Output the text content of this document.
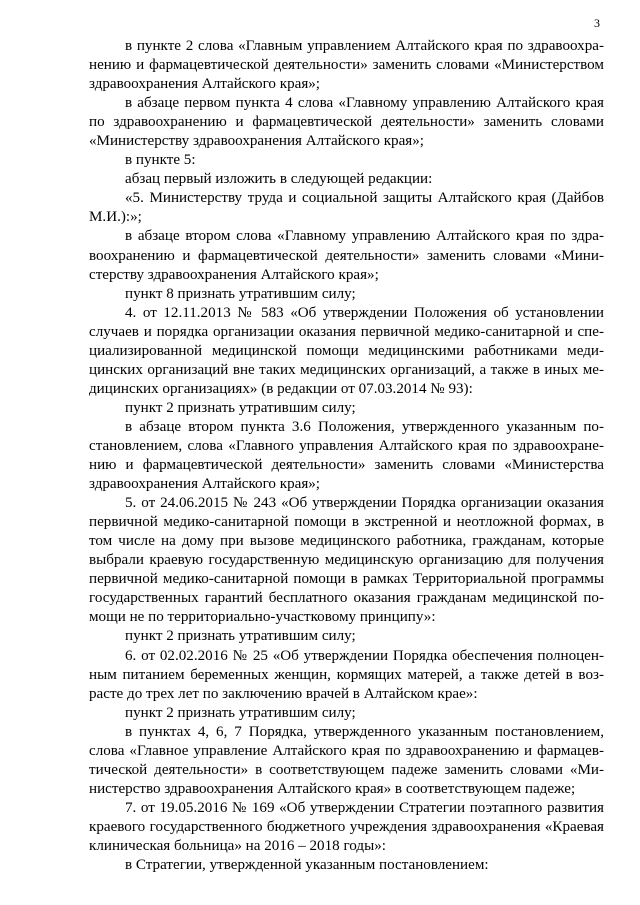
3

в пункте 2 слова «Главным управлением Алтайского края по здравоохранению и фармацевтической деятельности» заменить словами «Министерством здравоохранения Алтайского края»;

в абзаце первом пункта 4 слова «Главному управлению Алтайского края по здравоохранению и фармацевтической деятельности» заменить словами «Министерству здравоохранения Алтайского края»;

в пункте 5:

абзац первый изложить в следующей редакции:

«5. Министерству труда и социальной защиты Алтайского края (Дайбов М.И.):»;

в абзаце втором слова «Главному управлению Алтайского края по здравоохранению и фармацевтической деятельности» заменить словами «Министерству здравоохранения Алтайского края»;

пункт 8 признать утратившим силу;

4. от 12.11.2013 № 583 «Об утверждении Положения об установлении случаев и порядка организации оказания первичной медико-санитарной и специализированной медицинской помощи медицинскими работниками медицинских организаций вне таких медицинских организаций, а также в иных медицинских организациях» (в редакции от 07.03.2014 № 93):

пункт 2 признать утратившим силу;

в абзаце втором пункта 3.6 Положения, утвержденного указанным постановлением, слова «Главного управления Алтайского края по здравоохранению и фармацевтической деятельности» заменить словами «Министерства здравоохранения Алтайского края»;

5. от 24.06.2015 № 243 «Об утверждении Порядка организации оказания первичной медико-санитарной помощи в экстренной и неотложной формах, в том числе на дому при вызове медицинского работника, гражданам, которые выбрали краевую государственную медицинскую организацию для получения первичной медико-санитарной помощи в рамках Территориальной программы государственных гарантий бесплатного оказания гражданам медицинской помощи не по территориально-участковому принципу»:

пункт 2 признать утратившим силу;

6. от 02.02.2016 № 25 «Об утверждении Порядка обеспечения полноценным питанием беременных женщин, кормящих матерей, а также детей в возрасте до трех лет по заключению врачей в Алтайском крае»:

пункт 2 признать утратившим силу;

в пунктах 4, 6, 7 Порядка, утвержденного указанным постановлением, слова «Главное управление Алтайского края по здравоохранению и фармацевтической деятельности» в соответствующем падеже заменить словами «Министерство здравоохранения Алтайского края» в соответствующем падеже;

7. от 19.05.2016 № 169 «Об утверждении Стратегии поэтапного развития краевого государственного бюджетного учреждения здравоохранения «Краевая клиническая больница» на 2016 – 2018 годы»:

в Стратегии, утвержденной указанным постановлением:
